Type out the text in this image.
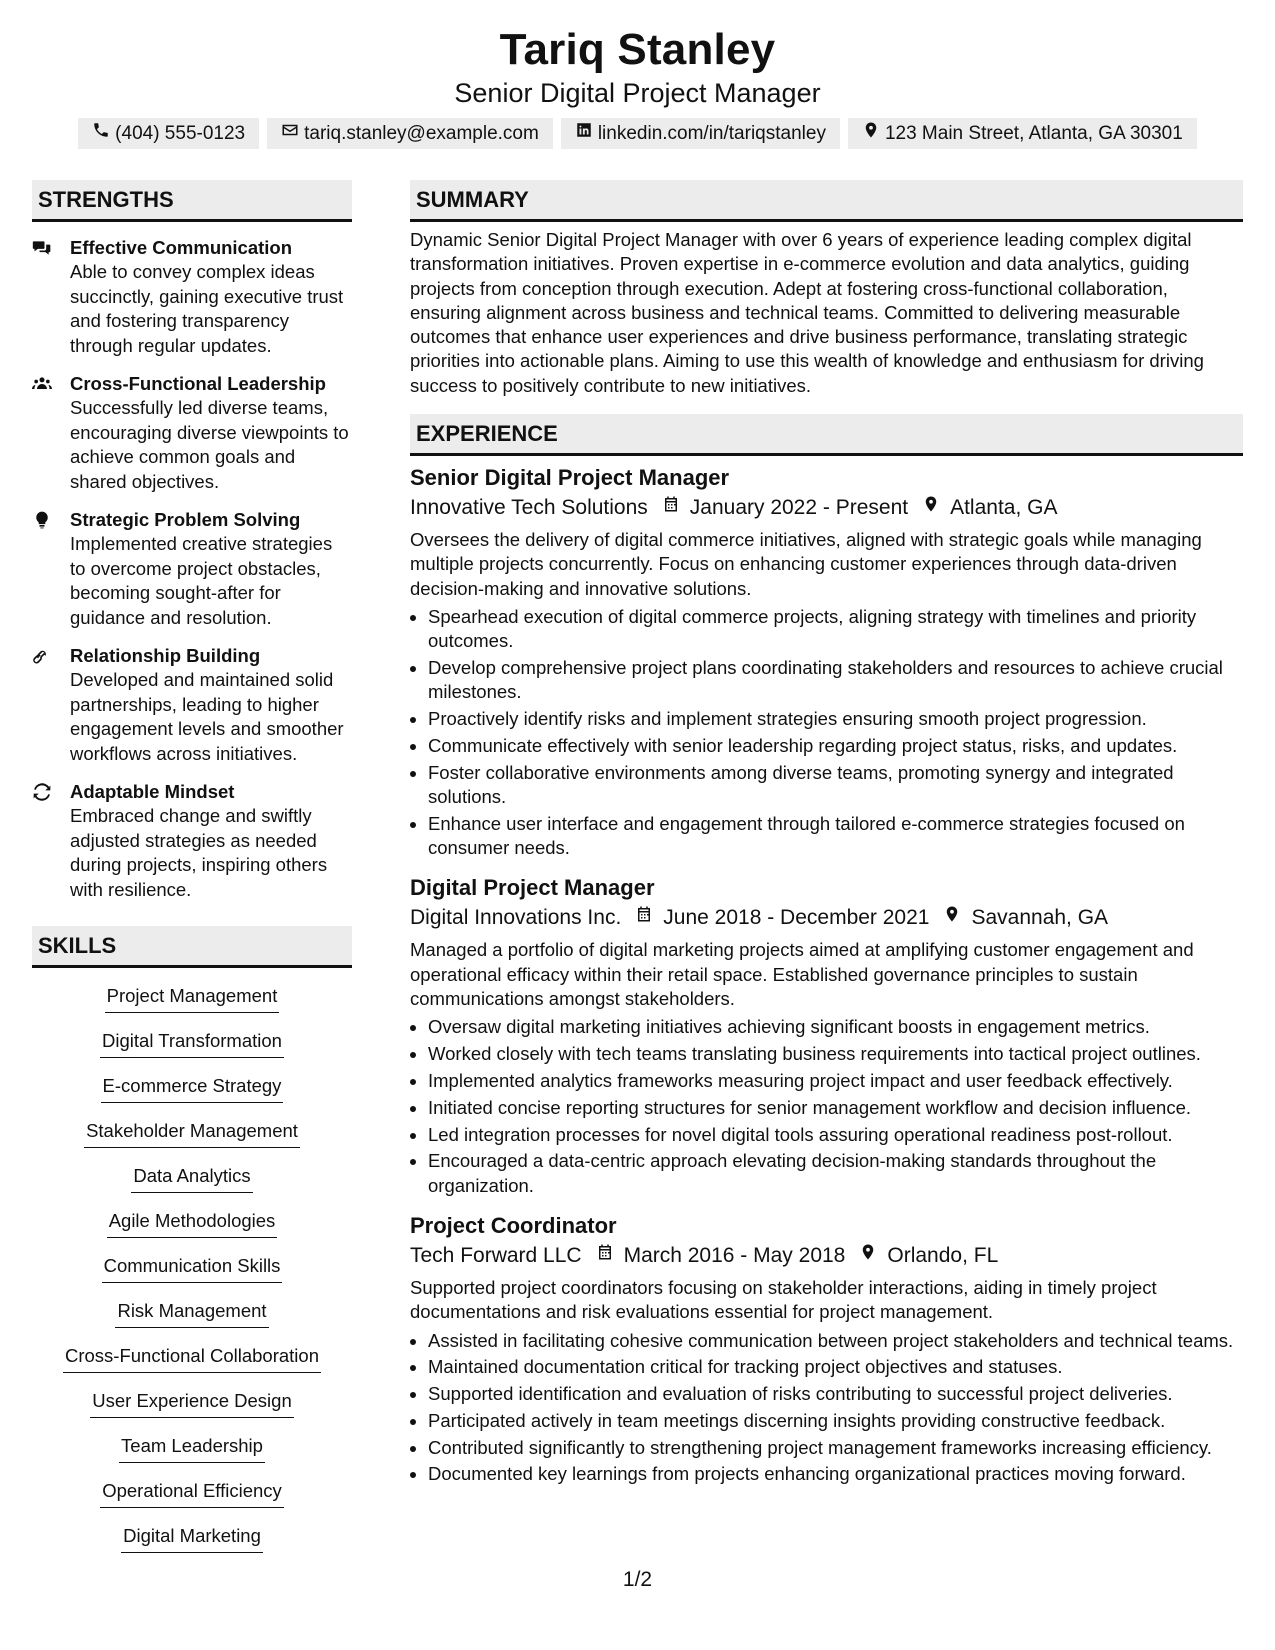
Tariq Stanley
Senior Digital Project Manager
(404) 555-0123	tariq.stanley@example.com	linkedin.com/in/tariqstanley	123 Main Street, Atlanta, GA 30301
STRENGTHS
Effective Communication
Able to convey complex ideas succinctly, gaining executive trust and fostering transparency through regular updates.
Cross-Functional Leadership
Successfully led diverse teams, encouraging diverse viewpoints to achieve common goals and shared objectives.
Strategic Problem Solving
Implemented creative strategies to overcome project obstacles, becoming sought-after for guidance and resolution.
Relationship Building
Developed and maintained solid partnerships, leading to higher engagement levels and smoother workflows across initiatives.
Adaptable Mindset
Embraced change and swiftly adjusted strategies as needed during projects, inspiring others with resilience.
SKILLS
Project Management
Digital Transformation
E-commerce Strategy
Stakeholder Management
Data Analytics
Agile Methodologies
Communication Skills
Risk Management
Cross-Functional Collaboration
User Experience Design
Team Leadership
Operational Efficiency
Digital Marketing
SUMMARY
Dynamic Senior Digital Project Manager with over 6 years of experience leading complex digital transformation initiatives. Proven expertise in e-commerce evolution and data analytics, guiding projects from conception through execution. Adept at fostering cross-functional collaboration, ensuring alignment across business and technical teams. Committed to delivering measurable outcomes that enhance user experiences and drive business performance, translating strategic priorities into actionable plans. Aiming to use this wealth of knowledge and enthusiasm for driving success to positively contribute to new initiatives.
EXPERIENCE
Senior Digital Project Manager
Innovative Tech Solutions January 2022 - Present Atlanta, GA
Oversees the delivery of digital commerce initiatives, aligned with strategic goals while managing multiple projects concurrently. Focus on enhancing customer experiences through data-driven decision-making and innovative solutions.
• Spearhead execution of digital commerce projects, aligning strategy with timelines and priority outcomes.
• Develop comprehensive project plans coordinating stakeholders and resources to achieve crucial milestones.
• Proactively identify risks and implement strategies ensuring smooth project progression.
• Communicate effectively with senior leadership regarding project status, risks, and updates.
• Foster collaborative environments among diverse teams, promoting synergy and integrated solutions.
• Enhance user interface and engagement through tailored e-commerce strategies focused on consumer needs.
Digital Project Manager
Digital Innovations Inc. June 2018 - December 2021 Savannah, GA
Managed a portfolio of digital marketing projects aimed at amplifying customer engagement and operational efficacy within their retail space. Established governance principles to sustain communications amongst stakeholders.
• Oversaw digital marketing initiatives achieving significant boosts in engagement metrics.
• Worked closely with tech teams translating business requirements into tactical project outlines.
• Implemented analytics frameworks measuring project impact and user feedback effectively.
• Initiated concise reporting structures for senior management workflow and decision influence.
• Led integration processes for novel digital tools assuring operational readiness post-rollout.
• Encouraged a data-centric approach elevating decision-making standards throughout the organization.
Project Coordinator
Tech Forward LLC March 2016 - May 2018 Orlando, FL
Supported project coordinators focusing on stakeholder interactions, aiding in timely project documentations and risk evaluations essential for project management.
• Assisted in facilitating cohesive communication between project stakeholders and technical teams.
• Maintained documentation critical for tracking project objectives and statuses.
• Supported identification and evaluation of risks contributing to successful project deliveries.
• Participated actively in team meetings discerning insights providing constructive feedback.
• Contributed significantly to strengthening project management frameworks increasing efficiency.
• Documented key learnings from projects enhancing organizational practices moving forward.
1/2
